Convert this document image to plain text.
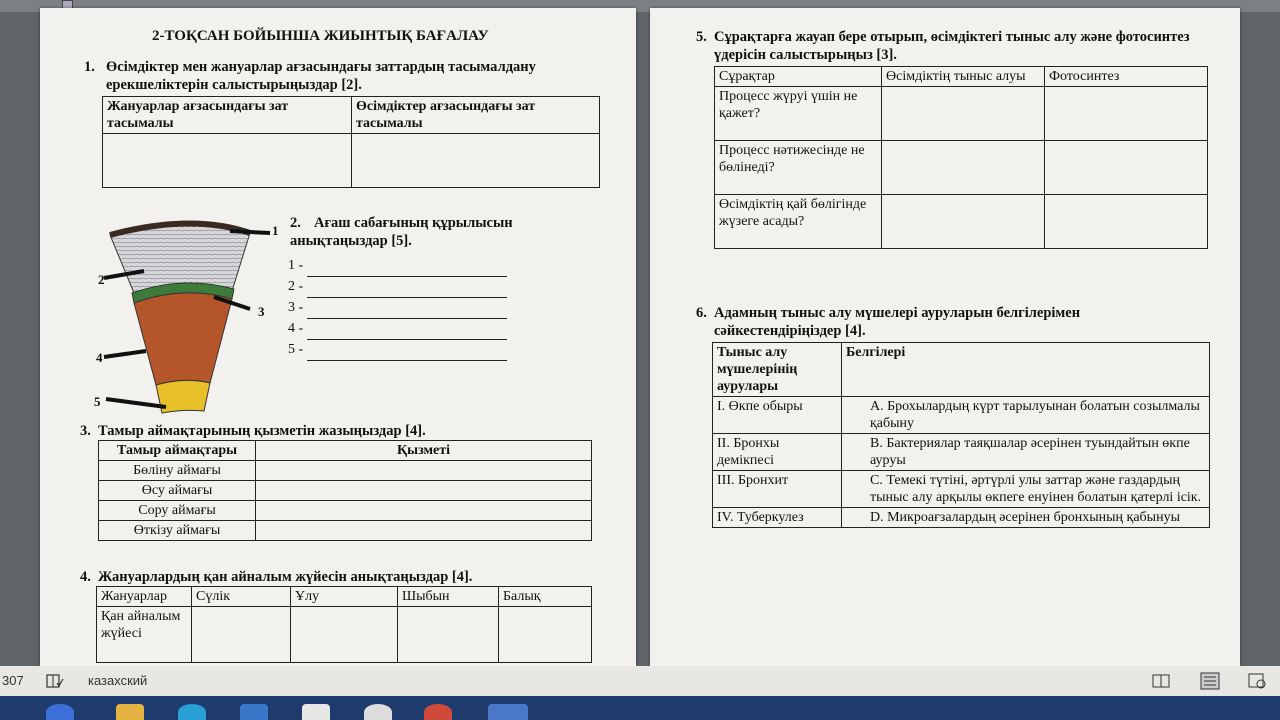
2-ТОҚСАН БОЙЫНША ЖИЫНТЫҚ БАҒАЛАУ
1. Өсімдіктер мен жануарлар ағзасындағы заттардың тасымалдану ерекшеліктерін салыстырыңыздар [2].
Жануарлар ағзасындағы зат тасымалы	Өсімдіктер ағзасындағы зат тасымалы

1
2
3
4
5
2. Ағаш сабағының құрылысын анықтаңыздар [5].
1 -
2 -
3 -
4 -
5 -
3. Тамыр аймақтарының қызметін жазыңыздар [4].
Тамыр аймақтары	Қызметі
Бөліну аймағы	
Өсу аймағы	
Сору аймағы	
Өткізу аймағы	
4. Жануарлардың қан айналым жүйесін анықтаңыздар [4].
Жануарлар	Сүлік	Ұлу	Шыбын	Балық
Қан айналым жүйесі				
5. Сұрақтарға жауап бере отырып, өсімдіктегі тыныс алу және фотосинтез үдерісін салыстырыңыз [3].
Сұрақтар	Өсімдіктің тыныс алуы	Фотосинтез
Процесс жүруі үшін не қажет?		
Процесс нәтижесінде не бөлінеді?		
Өсімдіктің қай бөлігінде жүзеге асады?		
6. Адамның тыныс алу мүшелері ауруларын белгілерімен сәйкестендіріңіздер [4].
Тыныс алу мүшелерінің аурулары	Белгілері
I. Өкпе обыры	A. Брохылардың күрт тарылуынан болатын созылмалы қабыну
II. Бронхы демікпесі	B. Бактериялар таяқшалар әсерінен туындайтын өкпе ауруы
III. Бронхит	C. Темекі түтіні, әртүрлі улы заттар және газдардың тыныс алу арқылы өкпеге енуінен болатын қатерлі ісік.
IV. Туберкулез	D. Микроағзалардың әсерінен бронхының қабынуы
307	казахский
